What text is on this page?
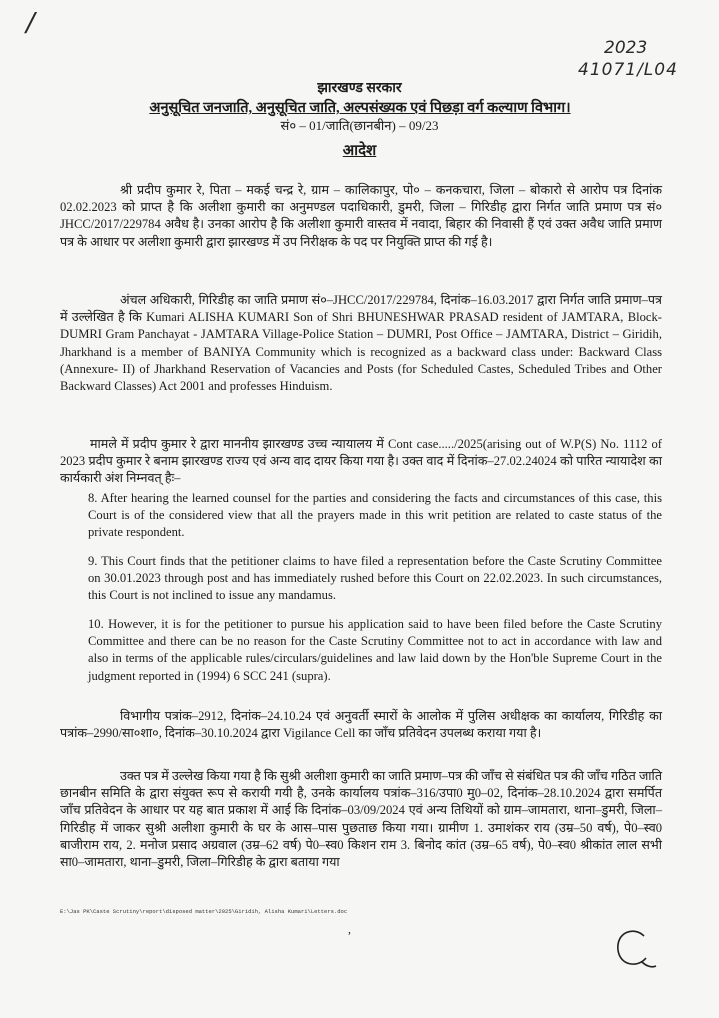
/
2023
41071/L04
झारखण्ड सरकार
अनुसूचित जनजाति, अनुसूचित जाति, अल्पसंख्यक एवं पिछड़ा वर्ग कल्याण विभाग।
सं० – 01/जाति(छानबीन) – 09/23
आदेश

श्री प्रदीप कुमार रे, पिता – मकई चन्द्र रे, ग्राम – कालिकापुर, पो० – कनकचारा, जिला – बोकारो से आरोप पत्र दिनांक 02.02.2023 को प्राप्त है कि अलीशा कुमारी का अनुमण्डल पदाधिकारी, डुमरी, जिला – गिरिडीह द्वारा निर्गत जाति प्रमाण पत्र सं० JHCC/2017/229784 अवैध है। उनका आरोप है कि अलीशा कुमारी वास्तव में नवादा, बिहार की निवासी हैं एवं उक्त अवैध जाति प्रमाण पत्र के आधार पर अलीशा कुमारी द्वारा झारखण्ड में उप निरीक्षक के पद पर नियुक्ति प्राप्त की गई है।

अंचल अधिकारी, गिरिडीह का जाति प्रमाण सं०–JHCC/2017/229784, दिनांक–16.03.2017 द्वारा निर्गत जाति प्रमाण–पत्र में उल्लेखित है कि Kumari ALISHA KUMARI Son of Shri BHUNESHWAR PRASAD resident of JAMTARA, Block- DUMRI Gram Panchayat - JAMTARA Village-Police Station – DUMRI, Post Office – JAMTARA, District – Giridih, Jharkhand is a member of BANIYA Community which is recognized as a backward class under: Backward Class (Annexure- II) of Jharkhand Reservation of Vacancies and Posts (for Scheduled Castes, Scheduled Tribes and Other Backward Classes) Act 2001 and professes Hinduism.

मामले में प्रदीप कुमार रे द्वारा माननीय झारखण्ड उच्च न्यायालय में Cont case...../2025(arising out of W.P(S) No. 1112 of 2023 प्रदीप कुमार रे बनाम झारखण्ड राज्य एवं अन्य वाद दायर किया गया है। उक्त वाद में दिनांक–27.02.24024 को पारित न्यायादेश का कार्यकारी अंश निम्नवत् हैः–

8. After hearing the learned counsel for the parties and considering the facts and circumstances of this case, this Court is of the considered view that all the prayers made in this writ petition are related to caste status of the private respondent.

9. This Court finds that the petitioner claims to have filed a representation before the Caste Scrutiny Committee on 30.01.2023 through post and has immediately rushed before this Court on 22.02.2023. In such circumstances, this Court is not inclined to issue any mandamus.

10. However, it is for the petitioner to pursue his application said to have been filed before the Caste Scrutiny Committee and there can be no reason for the Caste Scrutiny Committee not to act in accordance with law and also in terms of the applicable rules/circulars/guidelines and law laid down by the Hon'ble Supreme Court in the judgment reported in (1994) 6 SCC 241 (supra).

विभागीय पत्रांक–2912, दिनांक–24.10.24 एवं अनुवर्ती स्मारों के आलोक में पुलिस अधीक्षक का कार्यालय, गिरिडीह का पत्रांक–2990/सा०शा०, दिनांक–30.10.2024 द्वारा Vigilance Cell का जाँच प्रतिवेदन उपलब्ध कराया गया है।

उक्त पत्र में उल्लेख किया गया है कि सुश्री अलीशा कुमारी का जाति प्रमाण–पत्र की जाँच से संबंधित पत्र की जाँच गठित जाति छानबीन समिति के द्वारा संयुक्त रूप से करायी गयी है, उनके कार्यालय पत्रांक–316/उपा0 मु0–02, दिनांक–28.10.2024 द्वारा समर्पित जाँच प्रतिवेदन के आधार पर यह बात प्रकाश में आई कि दिनांक–03/09/2024 एवं अन्य तिथियों को ग्राम–जामतारा, थाना–डुमरी, जिला–गिरिडीह में जाकर सुश्री अलीशा कुमारी के घर के आस–पास पुछताछ किया गया। ग्रामीण 1. उमाशंकर राय (उम्र–50 वर्ष), पे0–स्व0 बाजीराम राय, 2. मनोज प्रसाद अग्रवाल (उम्र–62 वर्ष) पे0–स्व0 किशन राम 3. बिनोद कांत (उम्र–65 वर्ष), पे0–स्व0 श्रीकांत लाल सभी सा0–जामतारा, थाना–डुमरी, जिला–गिरिडीह के द्वारा बताया गया

E:\Jas PK\Caste Scrutiny\report\disposed matter\2025\Giridih, Alisha Kumari\Letters.doc
,
